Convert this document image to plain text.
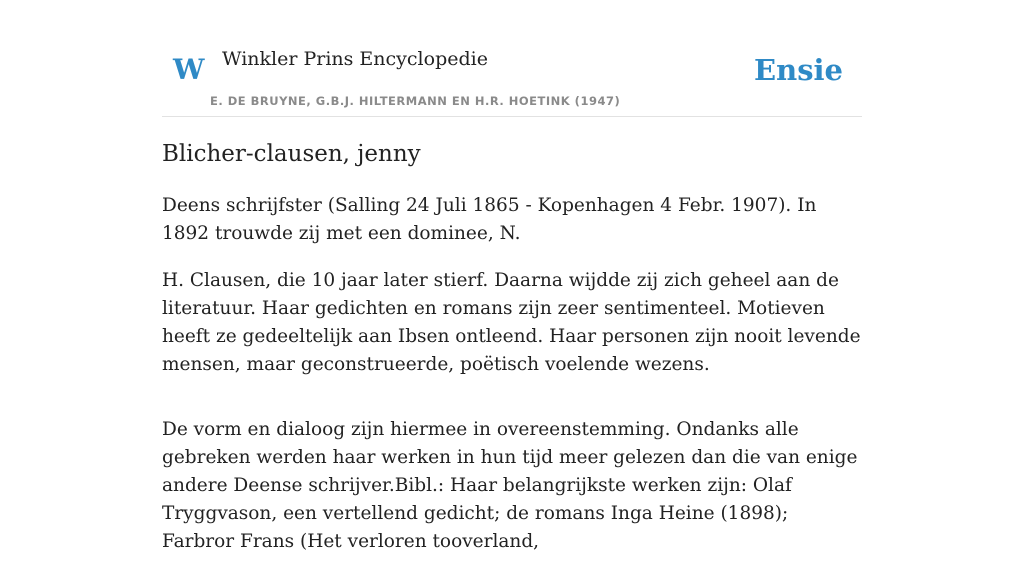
W Winkler Prins Encyclopedie
E. DE BRUYNE, G.B.J. HILTERMANN EN H.R. HOETINK (1947)
Ensie
Blicher-clausen, jenny

Deens schrijfster (Salling 24 Juli 1865 - Kopenhagen 4 Febr. 1907). In 1892 trouwde zij met een dominee, N.

H. Clausen, die 10 jaar later stierf. Daarna wijdde zij zich geheel aan de literatuur. Haar gedichten en romans zijn zeer sentimenteel. Motieven heeft ze gedeeltelijk aan Ibsen ontleend. Haar personen zijn nooit levende mensen, maar geconstrueerde, poëtisch voelende wezens.

De vorm en dialoog zijn hiermee in overeenstemming. Ondanks alle gebreken werden haar werken in hun tijd meer gelezen dan die van enige andere Deense schrijver.Bibl.: Haar belangrijkste werken zijn: Olaf Tryggvason, een vertellend gedicht; de romans Inga Heine (1898); Farbror Frans (Het verloren tooverland,
